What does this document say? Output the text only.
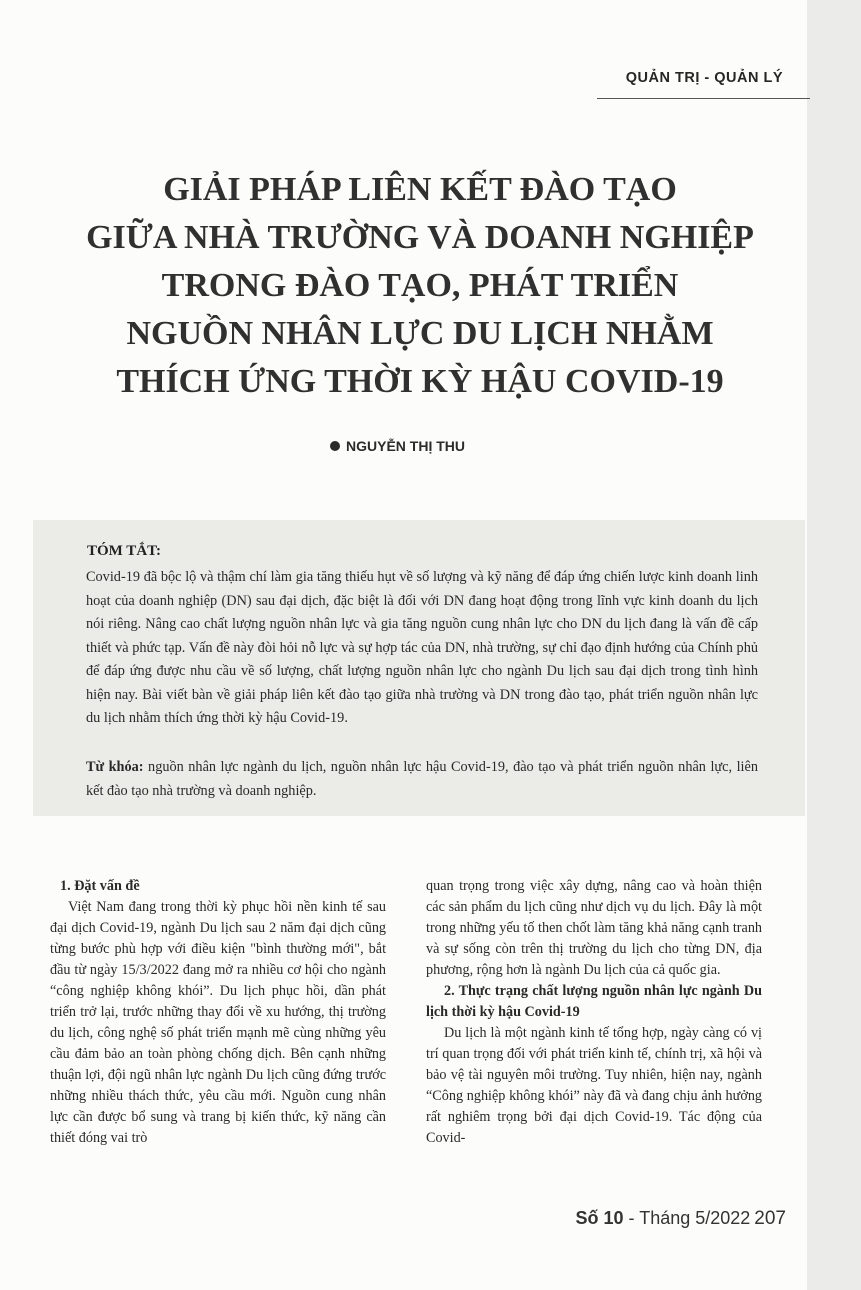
QUẢN TRỊ - QUẢN LÝ
GIẢI PHÁP LIÊN KẾT ĐÀO TẠO
GIỮA NHÀ TRƯỜNG VÀ DOANH NGHIỆP
TRONG ĐÀO TẠO, PHÁT TRIỂN
NGUỒN NHÂN LỰC DU LỊCH NHẰM
THÍCH ỨNG THỜI KỲ HẬU COVID-19
NGUYỄN THỊ THU
TÓM TẮT:

Covid-19 đã bộc lộ và thậm chí làm gia tăng thiếu hụt về số lượng và kỹ năng để đáp ứng chiến lược kinh doanh linh hoạt của doanh nghiệp (DN) sau đại dịch, đặc biệt là đối với DN đang hoạt động trong lĩnh vực kinh doanh du lịch nói riêng. Nâng cao chất lượng nguồn nhân lực và gia tăng nguồn cung nhân lực cho DN du lịch đang là vấn đề cấp thiết và phức tạp. Vấn đề này đòi hỏi nỗ lực và sự hợp tác của DN, nhà trường, sự chỉ đạo định hướng của Chính phủ để đáp ứng được nhu cầu về số lượng, chất lượng nguồn nhân lực cho ngành Du lịch sau đại dịch trong tình hình hiện nay. Bài viết bàn về giải pháp liên kết đào tạo giữa nhà trường và DN trong đào tạo, phát triển nguồn nhân lực du lịch nhằm thích ứng thời kỳ hậu Covid-19.

Từ khóa: nguồn nhân lực ngành du lịch, nguồn nhân lực hậu Covid-19, đào tạo và phát triển nguồn nhân lực, liên kết đào tạo nhà trường và doanh nghiệp.

1. Đặt vấn đề

Việt Nam đang trong thời kỳ phục hồi nền kinh tế sau đại dịch Covid-19, ngành Du lịch sau 2 năm đại dịch cũng từng bước phù hợp với điều kiện "bình thường mới", bắt đầu từ ngày 15/3/2022 đang mở ra nhiều cơ hội cho ngành “công nghiệp không khói”. Du lịch phục hồi, dần phát triển trở lại, trước những thay đổi về xu hướng, thị trường du lịch, công nghệ số phát triển mạnh mẽ cùng những yêu cầu đảm bảo an toàn phòng chống dịch. Bên cạnh những thuận lợi, đội ngũ nhân lực ngành Du lịch cũng đứng trước những nhiều thách thức, yêu cầu mới. Nguồn cung nhân lực cần được bổ sung và trang bị kiến thức, kỹ năng cần thiết đóng vai trò

quan trọng trong việc xây dựng, nâng cao và hoàn thiện các sản phẩm du lịch cũng như dịch vụ du lịch. Đây là một trong những yếu tố then chốt làm tăng khả năng cạnh tranh và sự sống còn trên thị trường du lịch cho từng DN, địa phương, rộng hơn là ngành Du lịch của cả quốc gia.

2. Thực trạng chất lượng nguồn nhân lực ngành Du lịch thời kỳ hậu Covid-19

Du lịch là một ngành kinh tế tổng hợp, ngày càng có vị trí quan trọng đối với phát triển kinh tế, chính trị, xã hội và bảo vệ tài nguyên môi trường. Tuy nhiên, hiện nay, ngành “Công nghiệp không khói” này đã và đang chịu ảnh hưởng rất nghiêm trọng bởi đại dịch Covid-19. Tác động của Covid-

Số 10 - Tháng 5/2022 207
